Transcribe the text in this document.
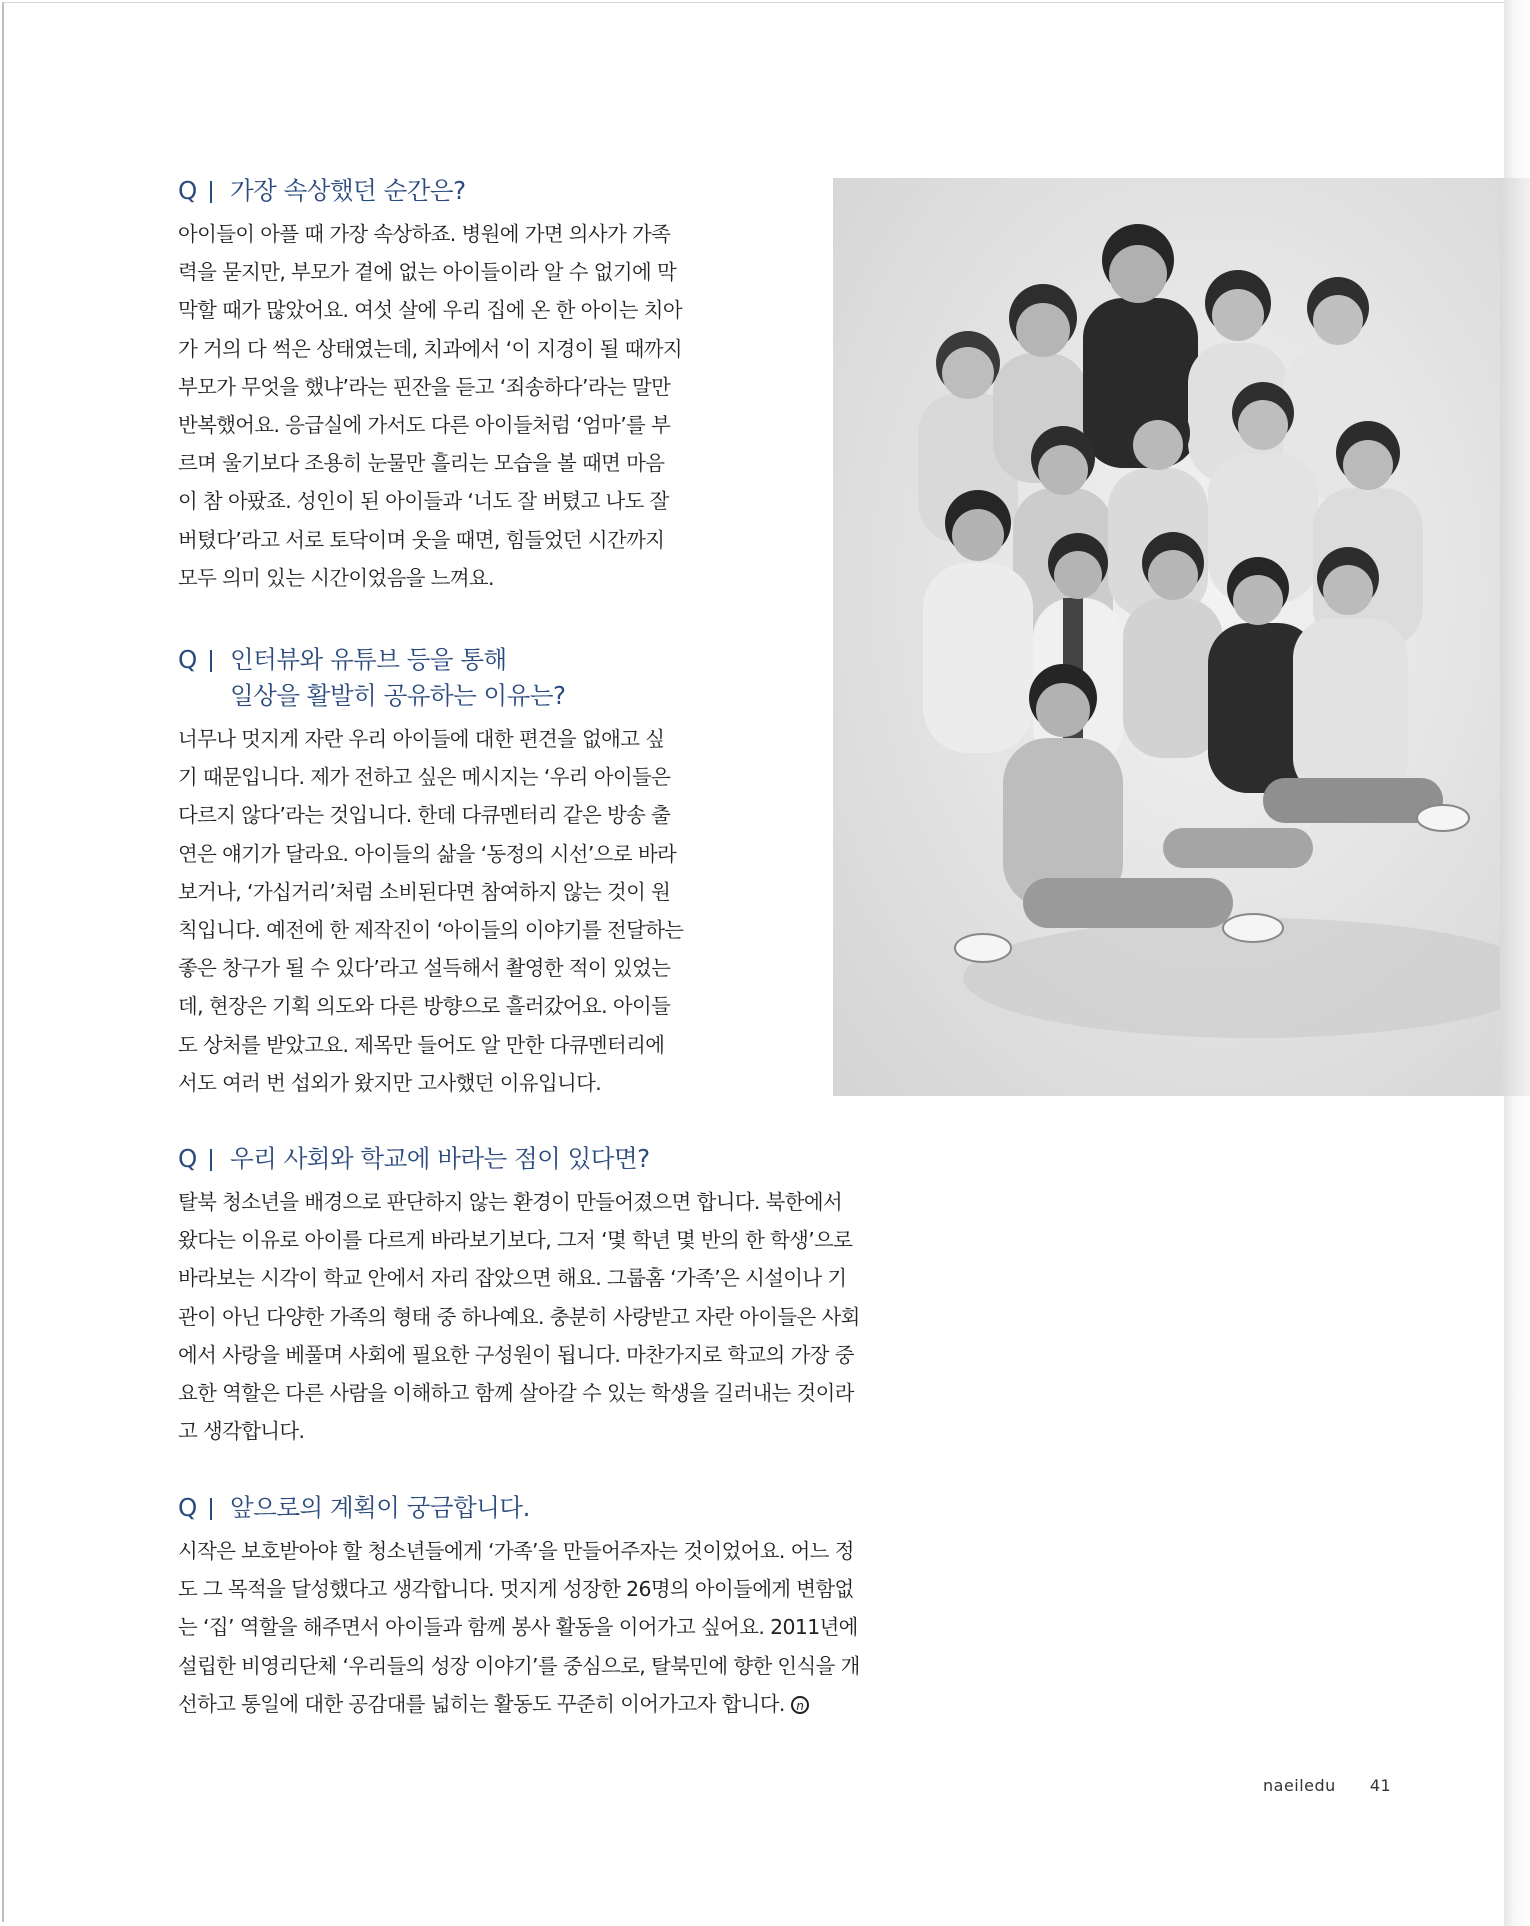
Q 가장 속상했던 순간은?
아이들이 아플 때 가장 속상하죠. 병원에 가면 의사가 가족
력을 묻지만, 부모가 곁에 없는 아이들이라 알 수 없기에 막
막할 때가 많았어요. 여섯 살에 우리 집에 온 한 아이는 치아
가 거의 다 썩은 상태였는데, 치과에서 ‘이 지경이 될 때까지
부모가 무엇을 했냐’라는 핀잔을 듣고 ‘죄송하다’라는 말만
반복했어요. 응급실에 가서도 다른 아이들처럼 ‘엄마’를 부
르며 울기보다 조용히 눈물만 흘리는 모습을 볼 때면 마음
이 참 아팠죠. 성인이 된 아이들과 ‘너도 잘 버텼고 나도 잘
버텼다’라고 서로 토닥이며 웃을 때면, 힘들었던 시간까지
모두 의미 있는 시간이었음을 느껴요.
Q 인터뷰와 유튜브 등을 통해
일상을 활발히 공유하는 이유는?
너무나 멋지게 자란 우리 아이들에 대한 편견을 없애고 싶
기 때문입니다. 제가 전하고 싶은 메시지는 ‘우리 아이들은
다르지 않다’라는 것입니다. 한데 다큐멘터리 같은 방송 출
연은 얘기가 달라요. 아이들의 삶을 ‘동정의 시선’으로 바라
보거나, ‘가십거리’처럼 소비된다면 참여하지 않는 것이 원
칙입니다. 예전에 한 제작진이 ‘아이들의 이야기를 전달하는
좋은 창구가 될 수 있다’라고 설득해서 촬영한 적이 있었는
데, 현장은 기획 의도와 다른 방향으로 흘러갔어요. 아이들
도 상처를 받았고요. 제목만 들어도 알 만한 다큐멘터리에
서도 여러 번 섭외가 왔지만 고사했던 이유입니다.
Q 우리 사회와 학교에 바라는 점이 있다면?
탈북 청소년을 배경으로 판단하지 않는 환경이 만들어졌으면 합니다. 북한에서
왔다는 이유로 아이를 다르게 바라보기보다, 그저 ‘몇 학년 몇 반의 한 학생’으로
바라보는 시각이 학교 안에서 자리 잡았으면 해요. 그룹홈 ‘가족’은 시설이나 기
관이 아닌 다양한 가족의 형태 중 하나예요. 충분히 사랑받고 자란 아이들은 사회
에서 사랑을 베풀며 사회에 필요한 구성원이 됩니다. 마찬가지로 학교의 가장 중
요한 역할은 다른 사람을 이해하고 함께 살아갈 수 있는 학생을 길러내는 것이라
고 생각합니다.
Q 앞으로의 계획이 궁금합니다.
시작은 보호받아야 할 청소년들에게 ‘가족’을 만들어주자는 것이었어요. 어느 정
도 그 목적을 달성했다고 생각합니다. 멋지게 성장한 26명의 아이들에게 변함없
는 ‘집’ 역할을 해주면서 아이들과 함께 봉사 활동을 이어가고 싶어요. 2011년에
설립한 비영리단체 ‘우리들의 성장 이야기’를 중심으로, 탈북민에 향한 인식을 개
선하고 통일에 대한 공감대를 넓히는 활동도 꾸준히 이어가고자 합니다. n
naeiledu 41
